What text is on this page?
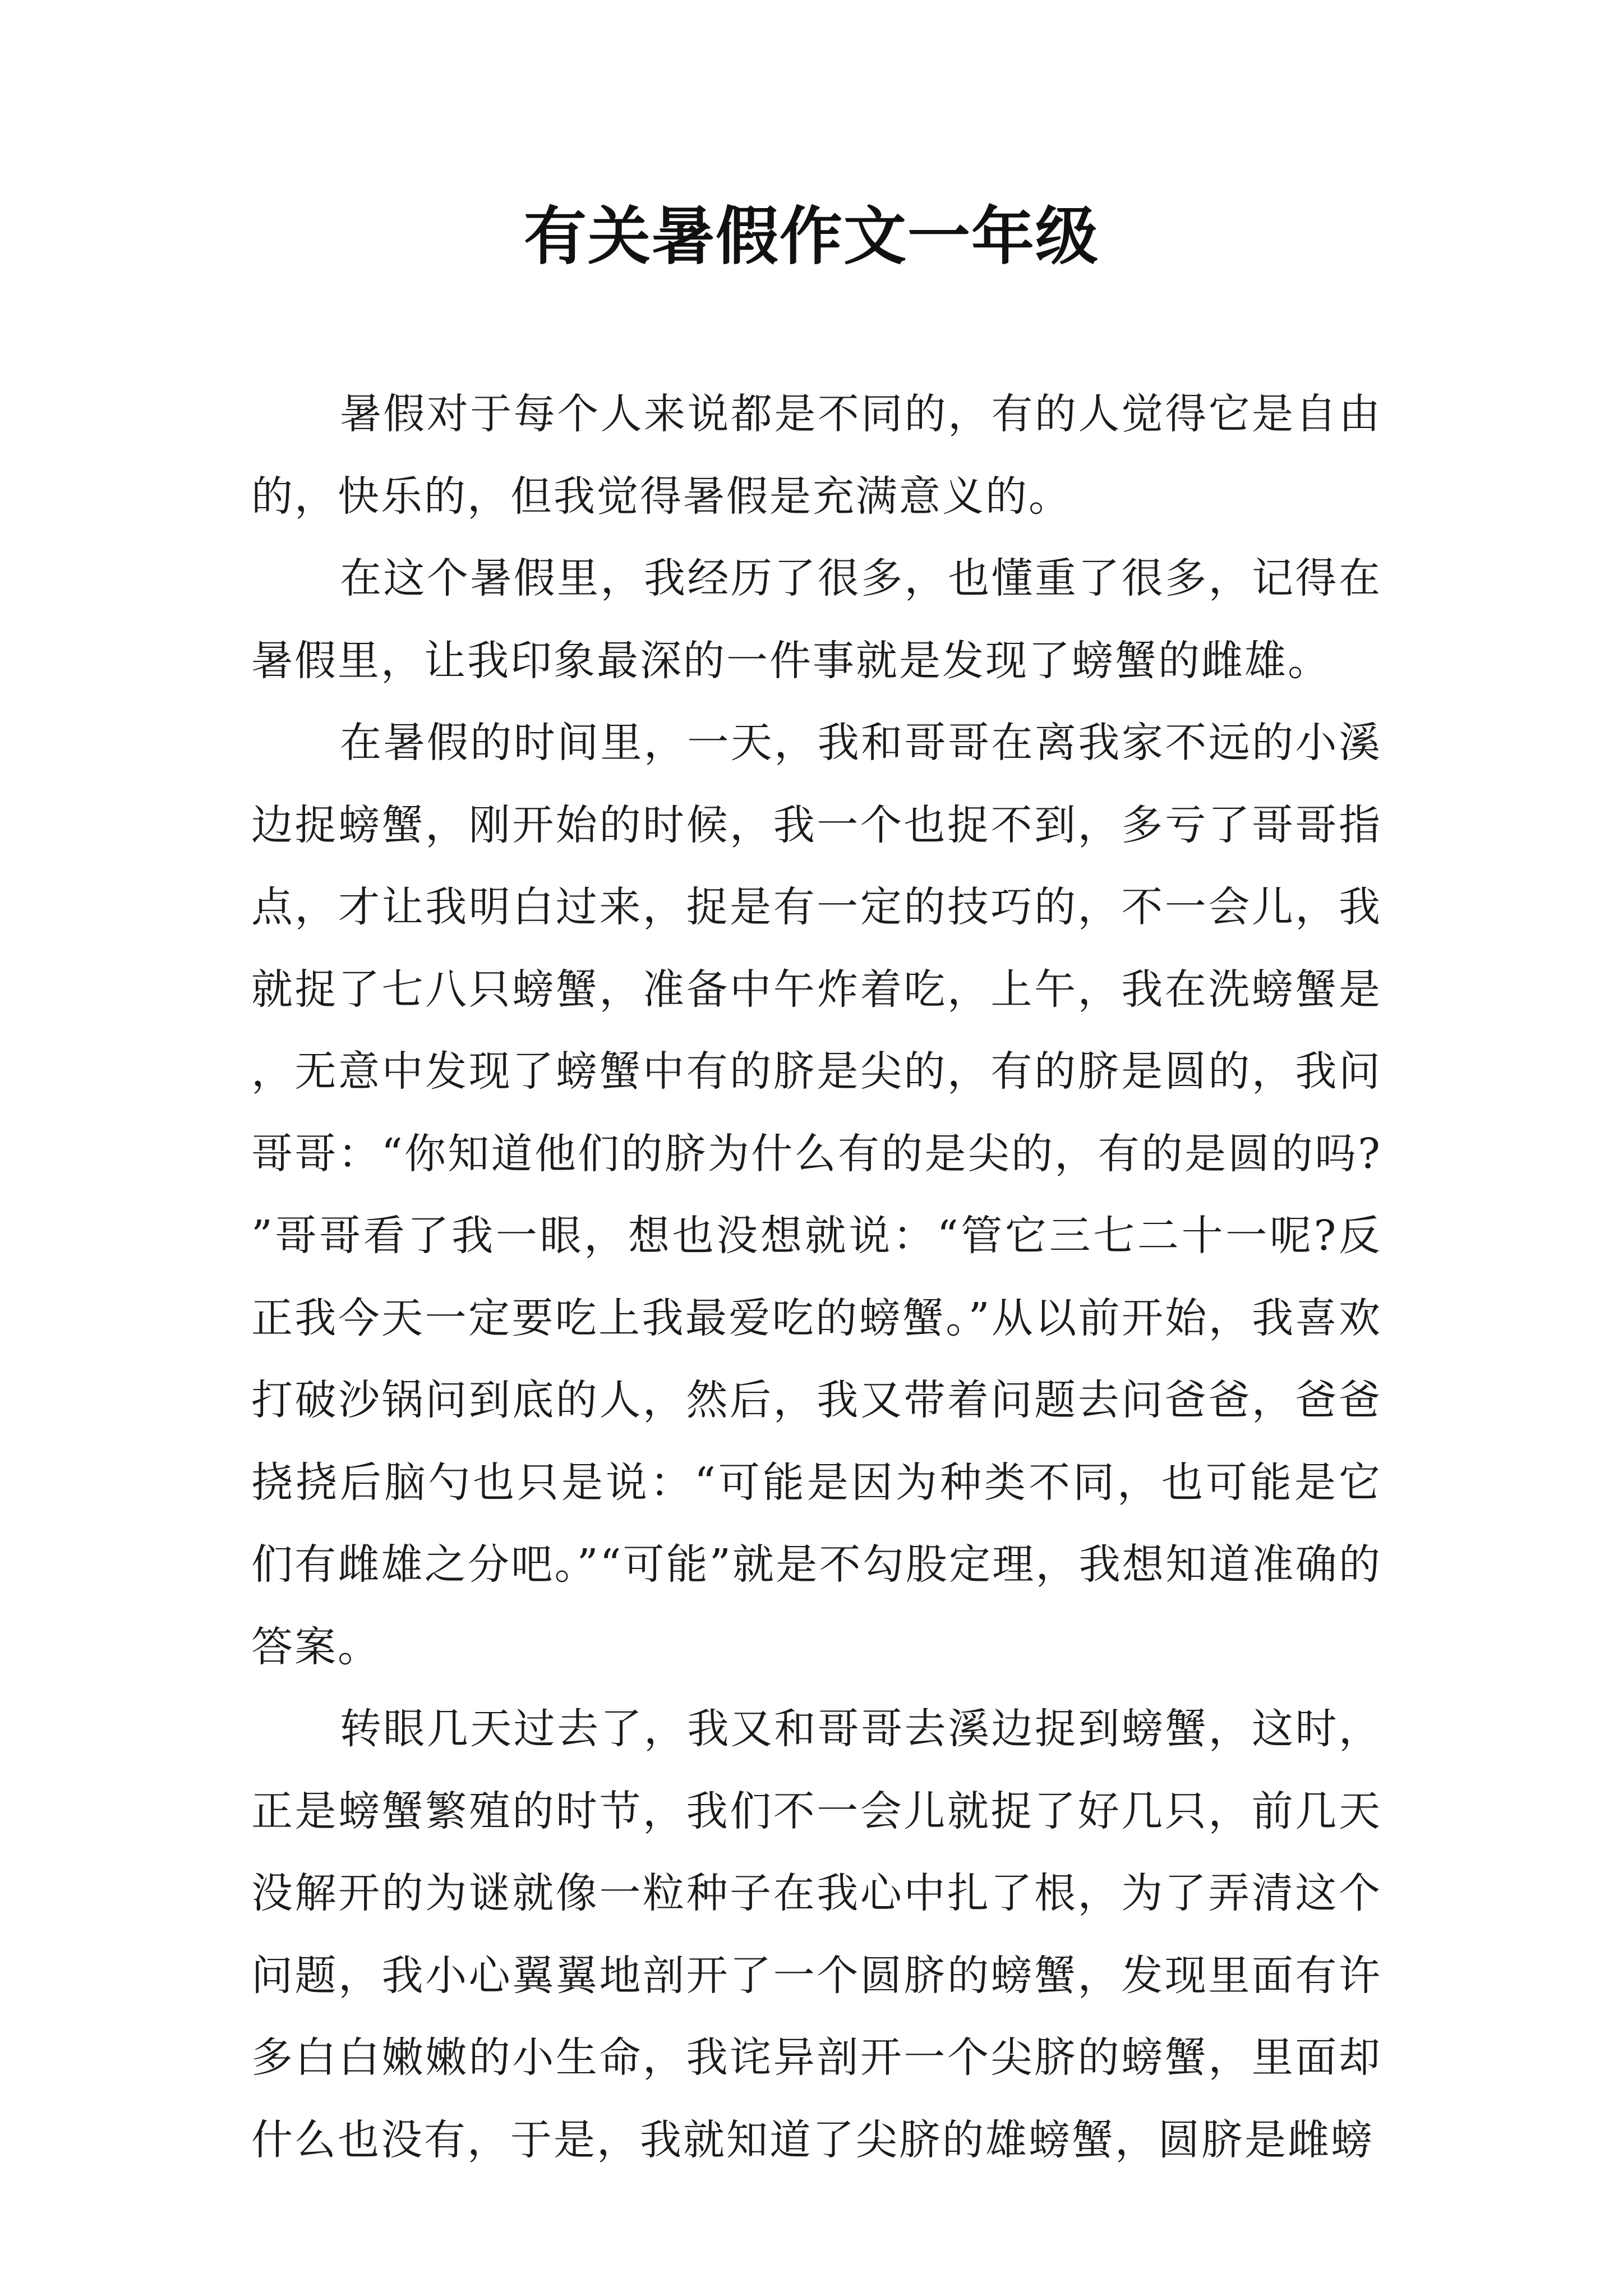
有关暑假作文一年级

暑假对于每个人来说都是不同的，有的人觉得它是自由的，快乐的，但我觉得暑假是充满意义的。

在这个暑假里，我经历了很多，也懂重了很多，记得在暑假里，让我印象最深的一件事就是发现了螃蟹的雌雄。

在暑假的时间里，一天，我和哥哥在离我家不远的小溪边捉螃蟹，刚开始的时候，我一个也捉不到，多亏了哥哥指点，才让我明白过来，捉是有一定的技巧的，不一会儿，我就捉了七八只螃蟹，准备中午炸着吃，上午，我在洗螃蟹是，无意中发现了螃蟹中有的脐是尖的，有的脐是圆的，我问哥哥：“你知道他们的脐为什么有的是尖的，有的是圆的吗?”哥哥看了我一眼，想也没想就说：“管它三七二十一呢?反正我今天一定要吃上我最爱吃的螃蟹。”从以前开始，我喜欢打破沙锅问到底的人，然后，我又带着问题去问爸爸，爸爸挠挠后脑勺也只是说：“可能是因为种类不同，也可能是它们有雌雄之分吧。”“可能”就是不勾股定理，我想知道准确的答案。

转眼几天过去了，我又和哥哥去溪边捉到螃蟹，这时，正是螃蟹繁殖的时节，我们不一会儿就捉了好几只，前几天没解开的为谜就像一粒种子在我心中扎了根，为了弄清这个问题，我小心翼翼地剖开了一个圆脐的螃蟹，发现里面有许多白白嫩嫩的小生命，我诧异剖开一个尖脐的螃蟹，里面却什么也没有，于是，我就知道了尖脐的雄螃蟹，圆脐是雌螃
